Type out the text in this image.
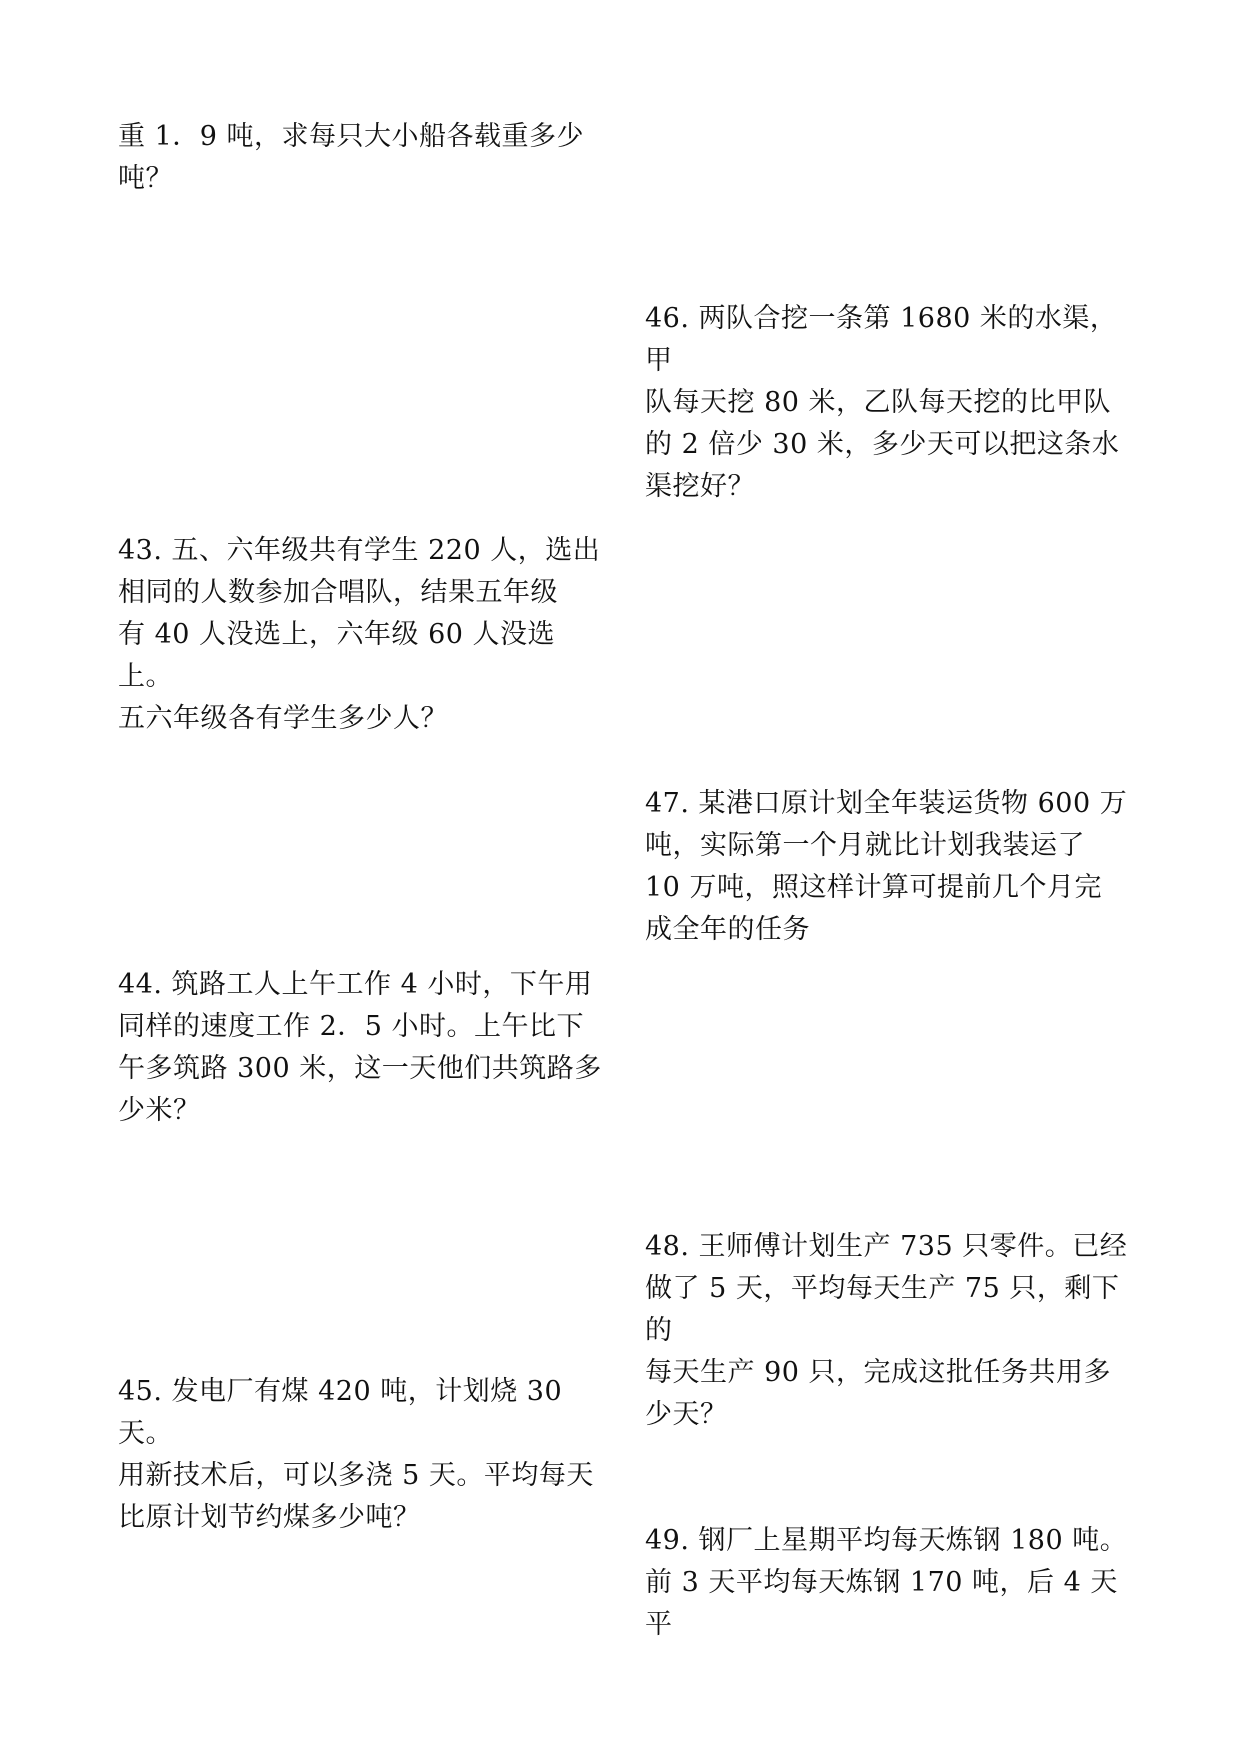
重 1．9 吨，求每只大小船各载重多少
吨？

46. 两队合挖一条第 1680 米的水渠，甲
队每天挖 80 米，乙队每天挖的比甲队
的 2 倍少 30 米，多少天可以把这条水
渠挖好？

43. 五、六年级共有学生 220 人，选出
相同的人数参加合唱队，结果五年级
有 40 人没选上，六年级 60 人没选上。
五六年级各有学生多少人？

47. 某港口原计划全年装运货物 600 万
吨，实际第一个月就比计划我装运了
10 万吨，照这样计算可提前几个月完
成全年的任务

44. 筑路工人上午工作 4 小时，下午用
同样的速度工作 2．5 小时。上午比下
午多筑路 300 米，这一天他们共筑路多
少米？

48. 王师傅计划生产 735 只零件。已经
做了 5 天，平均每天生产 75 只，剩下的
每天生产 90 只，完成这批任务共用多
少天？

45. 发电厂有煤 420 吨，计划烧 30 天。
用新技术后，可以多浇 5 天。平均每天
比原计划节约煤多少吨？

49. 钢厂上星期平均每天炼钢 180 吨。
前 3 天平均每天炼钢 170 吨，后 4 天平
